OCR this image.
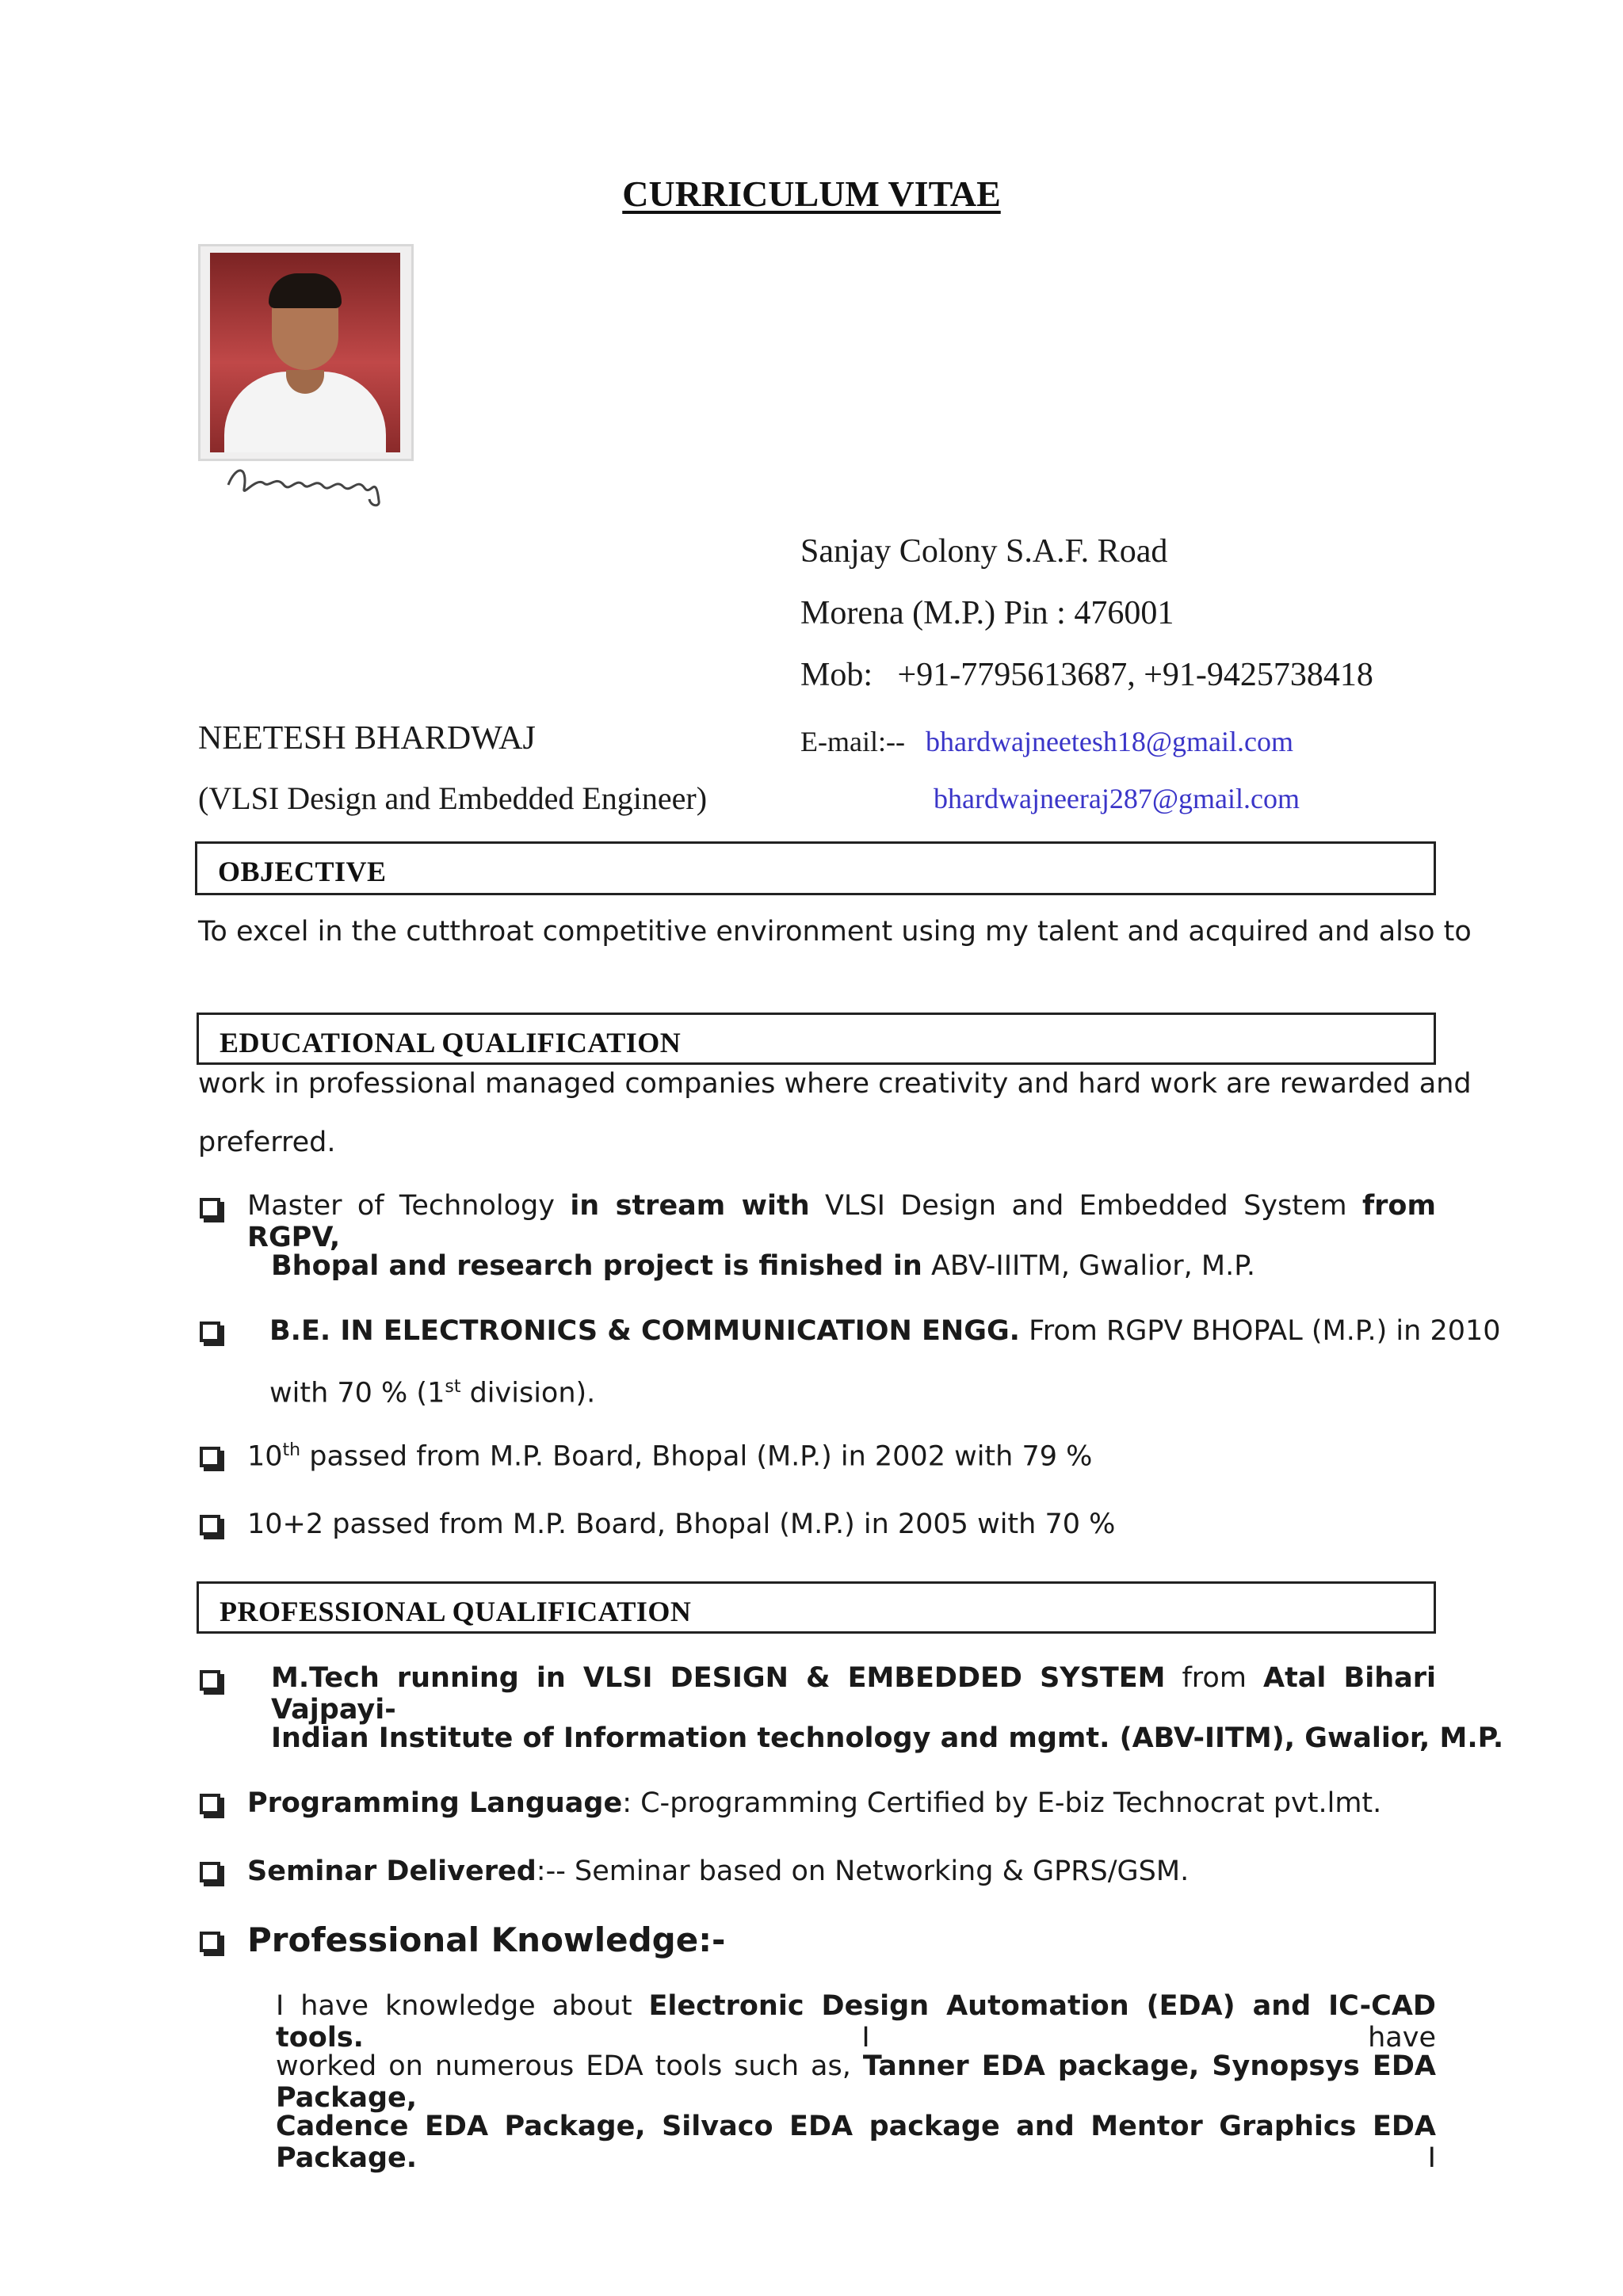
CURRICULUM VITAE
Sanjay Colony S.A.F. Road
Morena (M.P.) Pin : 476001
Mob: +91-7795613687, +91-9425738418
NEETESH BHARDWAJ	E-mail:-- bhardwajneetesh18@gmail.com
(VLSI Design and Embedded Engineer)	bhardwajneeraj287@gmail.com
OBJECTIVE
To excel in the cutthroat competitive environment using my talent and acquired and also to
EDUCATIONAL QUALIFICATION
work in professional managed companies where creativity and hard work are rewarded and
preferred.
Master of Technology in stream with VLSI Design and Embedded System from RGPV,
Bhopal and research project is finished in ABV-IIITM, Gwalior, M.P.
B.E. IN ELECTRONICS & COMMUNICATION ENGG. From RGPV BHOPAL (M.P.) in 2010
with 70 % (1st division).
10th passed from M.P. Board, Bhopal (M.P.) in 2002 with 79 %
10+2 passed from M.P. Board, Bhopal (M.P.) in 2005 with 70 %
PROFESSIONAL QUALIFICATION
M.Tech running in VLSI DESIGN & EMBEDDED SYSTEM from Atal Bihari Vajpayi-
Indian Institute of Information technology and mgmt. (ABV-IITM), Gwalior, M.P.
Programming Language: C-programming Certified by E-biz Technocrat pvt.lmt.
Seminar Delivered:-- Seminar based on Networking & GPRS/GSM.
Professional Knowledge:-
I have knowledge about Electronic Design Automation (EDA) and IC-CAD tools.	I have
worked on numerous EDA tools such as, Tanner EDA package, Synopsys EDA Package,
Cadence EDA Package, Silvaco EDA package and Mentor Graphics EDA Package.	I
